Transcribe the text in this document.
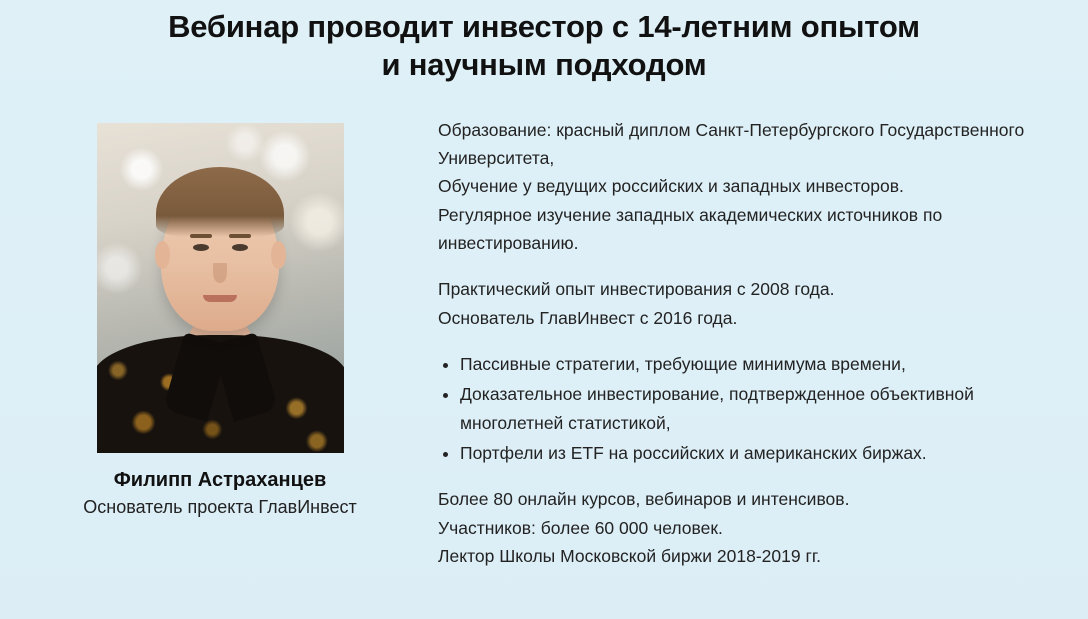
Вебинар проводит инвестор с 14-летним опытом
и научным подходом
Филипп Астраханцев
Основатель проекта ГлавИнвест

Образование: красный диплом Санкт-Петербургского Государственного Университета,
Обучение у ведущих российских и западных инвесторов.
Регулярное изучение западных академических источников по инвестированию.

Практический опыт инвестирования с 2008 года.
Основатель ГлавИнвест с 2016 года.

• Пассивные стратегии, требующие минимума времени,
• Доказательное инвестирование, подтвержденное объективной многолетней статистикой,
• Портфели из ETF на российских и американских биржах.

Более 80 онлайн курсов, вебинаров и интенсивов.
Участников: более 60 000 человек.
Лектор Школы Московской биржи 2018-2019 гг.
